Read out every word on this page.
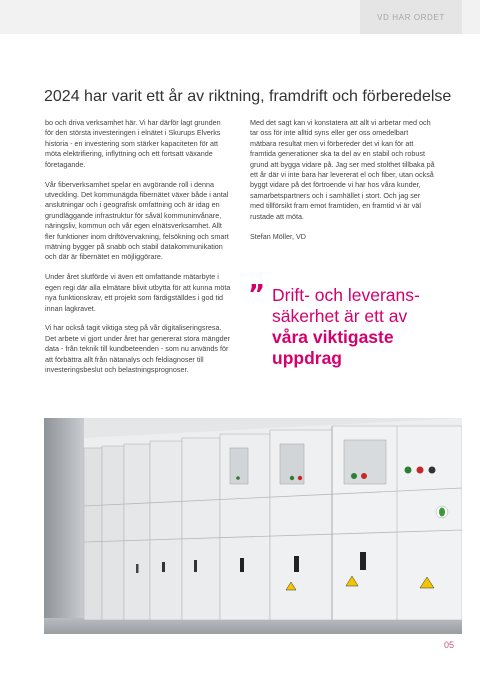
VD HAR ORDET
2024 har varit ett år av riktning, framdrift och förberedelse

bo och driva verksamhet här. Vi har därför lagt grunden för den största investeringen i elnätet i Skurups Elverks historia - en investering som stärker kapaciteten för att möta elektrifiering, inflyttning och ett fortsatt växande företagande.

Vår fiberverksamhet spelar en avgörande roll i denna utveckling. Det kommunägda fibernätet växer både i antal anslutningar och i geografisk omfattning och är idag en grundläggande infrastruktur för såväl kommuninvånare, näringsliv, kommun och vår egen elnätsverksamhet. Allt fler funktioner inom driftövervakning, felsökning och smart mätning bygger på snabb och stabil datakommunikation och där är fibernätet en möjliggörare.

Under året slutförde vi även ett omfattande mätarbyte i egen regi där alla elmätare blivit utbytta för att kunna möta nya funktionskrav, ett projekt som färdigställdes i god tid innan lagkravet.

Vi har också tagit viktiga steg på vår digitaliseringsresa. Det arbete vi gjort under året har genererat stora mängder data - från teknik till kundbeteenden - som nu används för att förbättra allt från nätanalys och feldiagnoser till investeringsbeslut och belastningsprognoser.

Med det sagt kan vi konstatera att allt vi arbetar med och tar oss för inte alltid syns eller ger oss omedelbart mätbara resultat men vi förbereder det vi kan för att framtida generationer ska ta del av en stabil och robust grund att bygga vidare på. Jag ser med stolthet tillbaka på ett år där vi inte bara har levererat el och fiber, utan också byggt vidare på det förtroende vi har hos våra kunder, samarbetspartners och i samhället i stort. Och jag ser med tillförsikt fram emot framtiden, en framtid vi är väl rustade att möta.

Stefan Möller, VD

” Drift- och leverans-
säkerhet är ett av
våra viktigaste uppdrag
05
